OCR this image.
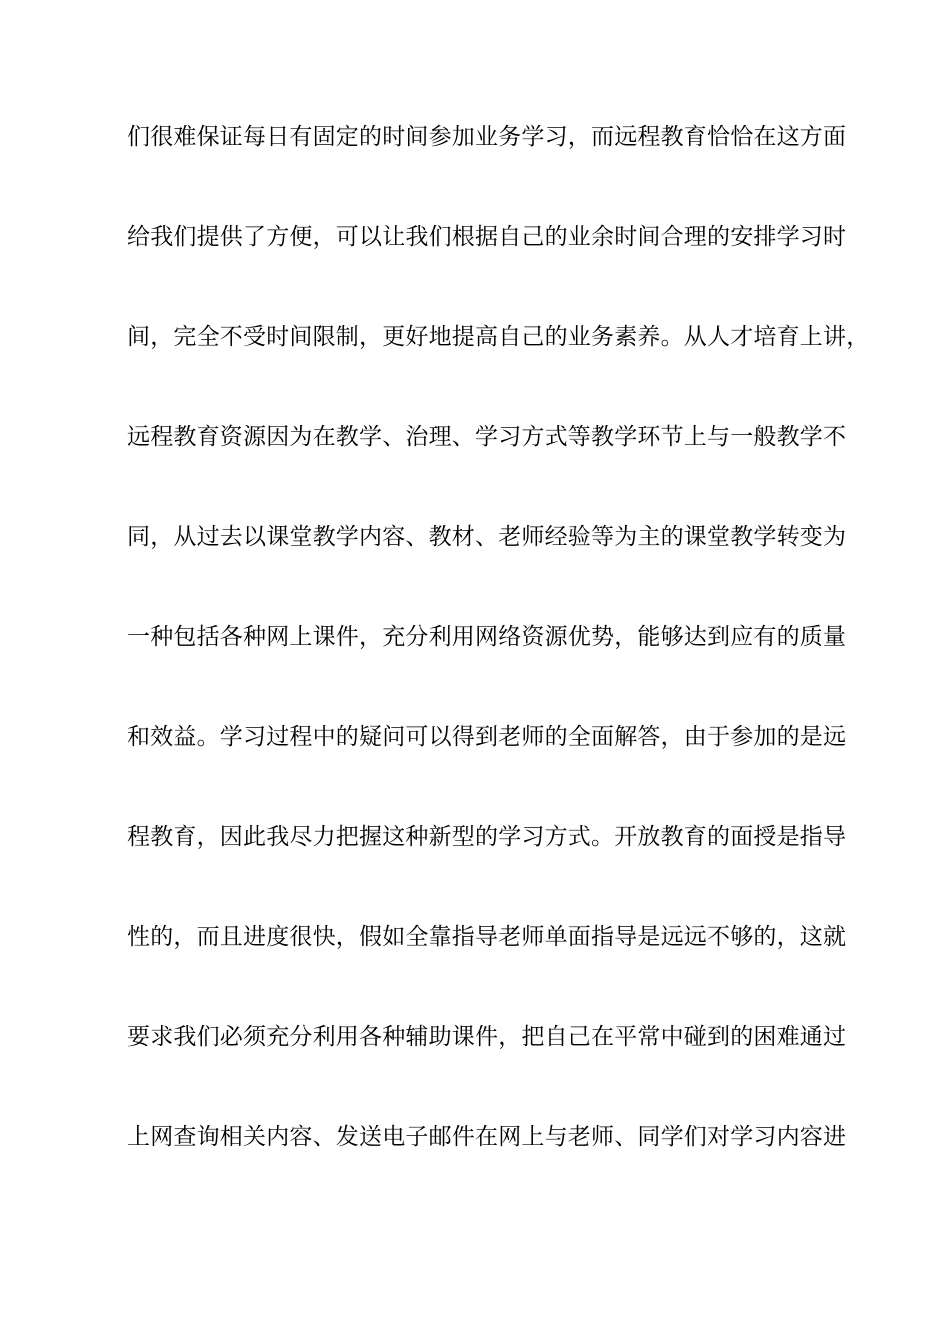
们很难保证每日有固定的时间参加业务学习，而远程教育恰恰在这方面
给我们提供了方便，可以让我们根据自己的业余时间合理的安排学习时
间，完全不受时间限制，更好地提高自己的业务素养。从人才培育上讲，
远程教育资源因为在教学、治理、学习方式等教学环节上与一般教学不
同，从过去以课堂教学内容、教材、老师经验等为主的课堂教学转变为
一种包括各种网上课件，充分利用网络资源优势，能够达到应有的质量
和效益。学习过程中的疑问可以得到老师的全面解答，由于参加的是远
程教育，因此我尽力把握这种新型的学习方式。开放教育的面授是指导
性的，而且进度很快，假如全靠指导老师单面指导是远远不够的，这就
要求我们必须充分利用各种辅助课件，把自己在平常中碰到的困难通过
上网查询相关内容、发送电子邮件在网上与老师、同学们对学习内容进
